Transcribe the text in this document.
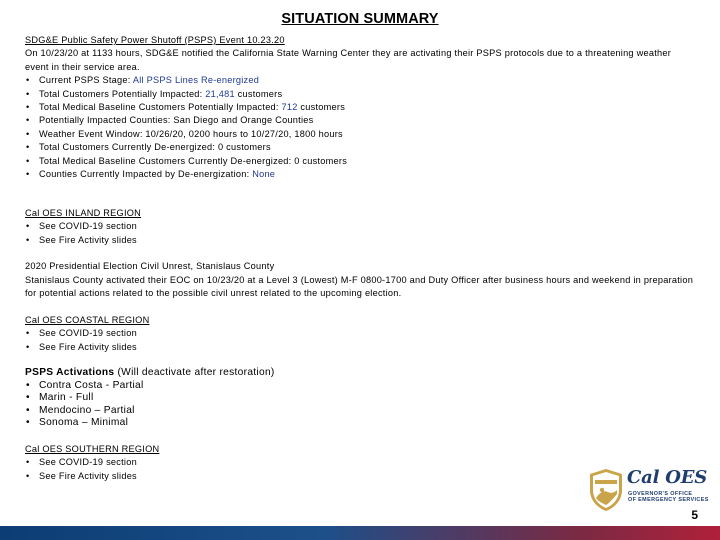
SITUATION SUMMARY
SDG&E Public Safety Power Shutoff (PSPS) Event 10.23.20
On 10/23/20 at 1133 hours, SDG&E notified the California State Warning Center they are activating their PSPS protocols due to a threatening weather event in their service area.
• Current PSPS Stage: All PSPS Lines Re-energized
• Total Customers Potentially Impacted: 21,481 customers
• Total Medical Baseline Customers Potentially Impacted: 712 customers
• Potentially Impacted Counties: San Diego and Orange Counties
• Weather Event Window: 10/26/20, 0200 hours to 10/27/20, 1800 hours
• Total Customers Currently De-energized: 0 customers
• Total Medical Baseline Customers Currently De-energized: 0 customers
• Counties Currently Impacted by De-energization: None
Cal OES INLAND REGION
• See COVID-19 section
• See Fire Activity slides
2020 Presidential Election Civil Unrest, Stanislaus County
Stanislaus County activated their EOC on 10/23/20 at a Level 3 (Lowest) M-F 0800-1700 and Duty Officer after business hours and weekend in preparation for potential actions related to the possible civil unrest related to the upcoming election.
Cal OES COASTAL REGION
• See COVID-19 section
• See Fire Activity slides
PSPS Activations (Will deactivate after restoration)
• Contra Costa - Partial
• Marin - Full
• Mendocino – Partial
• Sonoma – Minimal
Cal OES SOUTHERN REGION
• See COVID-19 section
• See Fire Activity slides	Cal OES
GOVERNOR'S OFFICE
OF EMERGENCY SERVICES
5
